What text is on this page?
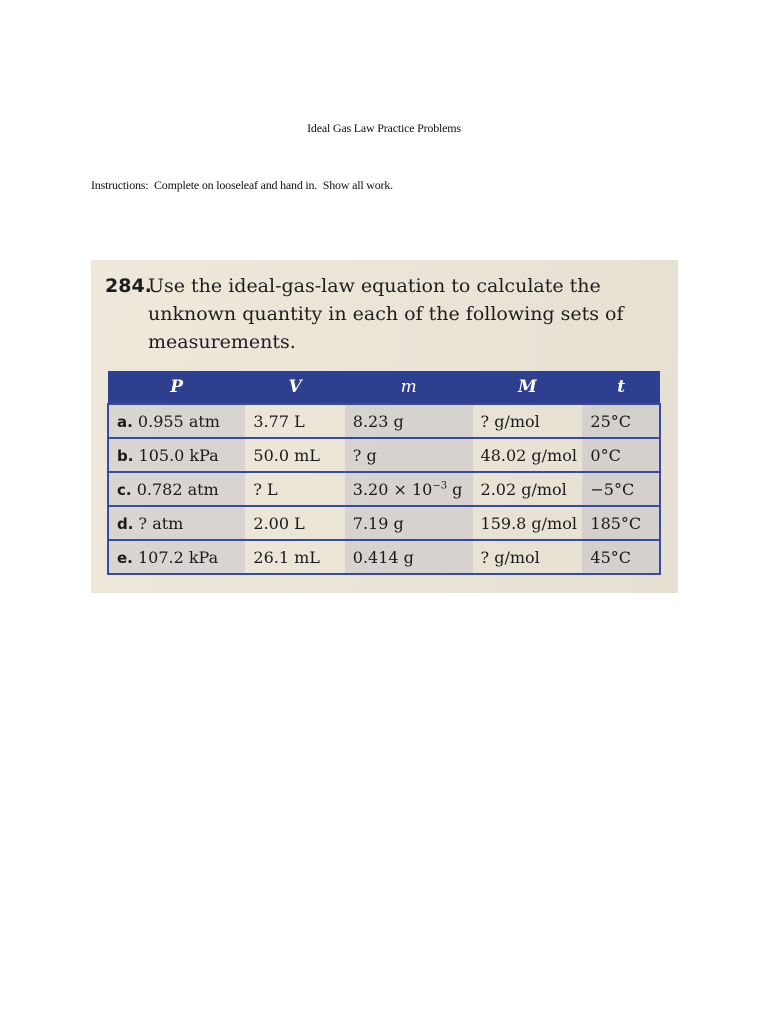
Ideal Gas Law Practice Problems
Instructions:  Complete on looseleaf and hand in.  Show all work.
284.
Use the ideal-gas-law equation to calculate the unknown quantity in each of the following sets of measurements.
P	V	m	M	t
a. 0.955 atm	3.77 L	8.23 g	? g/mol	25°C
b. 105.0 kPa	50.0 mL	? g	48.02 g/mol	0°C
c. 0.782 atm	? L	$3.20 \times 10^{-3}$ g	2.02 g/mol	−5°C
d. ? atm	2.00 L	7.19 g	159.8 g/mol	185°C
e. 107.2 kPa	26.1 mL	0.414 g	? g/mol	45°C
